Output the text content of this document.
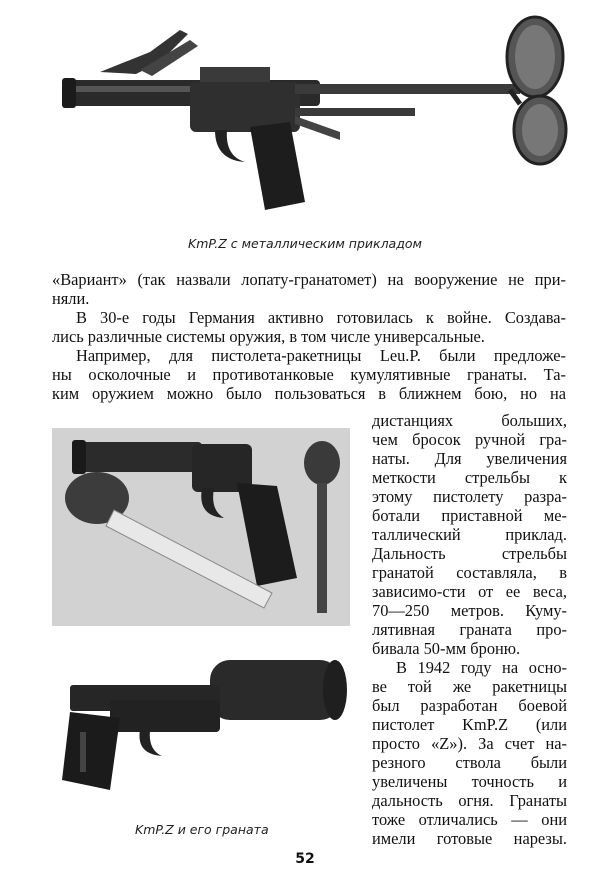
KmP.Z с металлическим прикладом

«Вариант» (так назвали лопату-гранатомет) на вооружение не при-
няли.
В 30-е годы Германия активно готовилась к войне. Создава-
лись различные системы оружия, в том числе универсальные.
Например, для пистолета-ракетницы Leu.P. были предложе-
ны осколочные и противотанковые кумулятивные гранаты. Та-
ким оружием можно было пользоваться в ближнем бою, но на

дистанциях больших,
чем бросок ручной гра-
наты. Для увеличения
меткости стрельбы к
этому пистолету разра-
ботали приставной ме-
таллический приклад.
Дальность стрельбы
гранатой составляла, в
зависимо-сти от ее веса,
70—250 метров. Куму-
лятивная граната про-
бивала 50-мм броню.
В 1942 году на осно-
ве той же ракетницы
был разработан боевой
пистолет KmP.Z (или
просто «Z»). За счет на-
резного ствола были
увеличены точность и
дальность огня. Гранаты
тоже отличались — они
имели готовые нарезы.

KmP.Z и его граната
52
